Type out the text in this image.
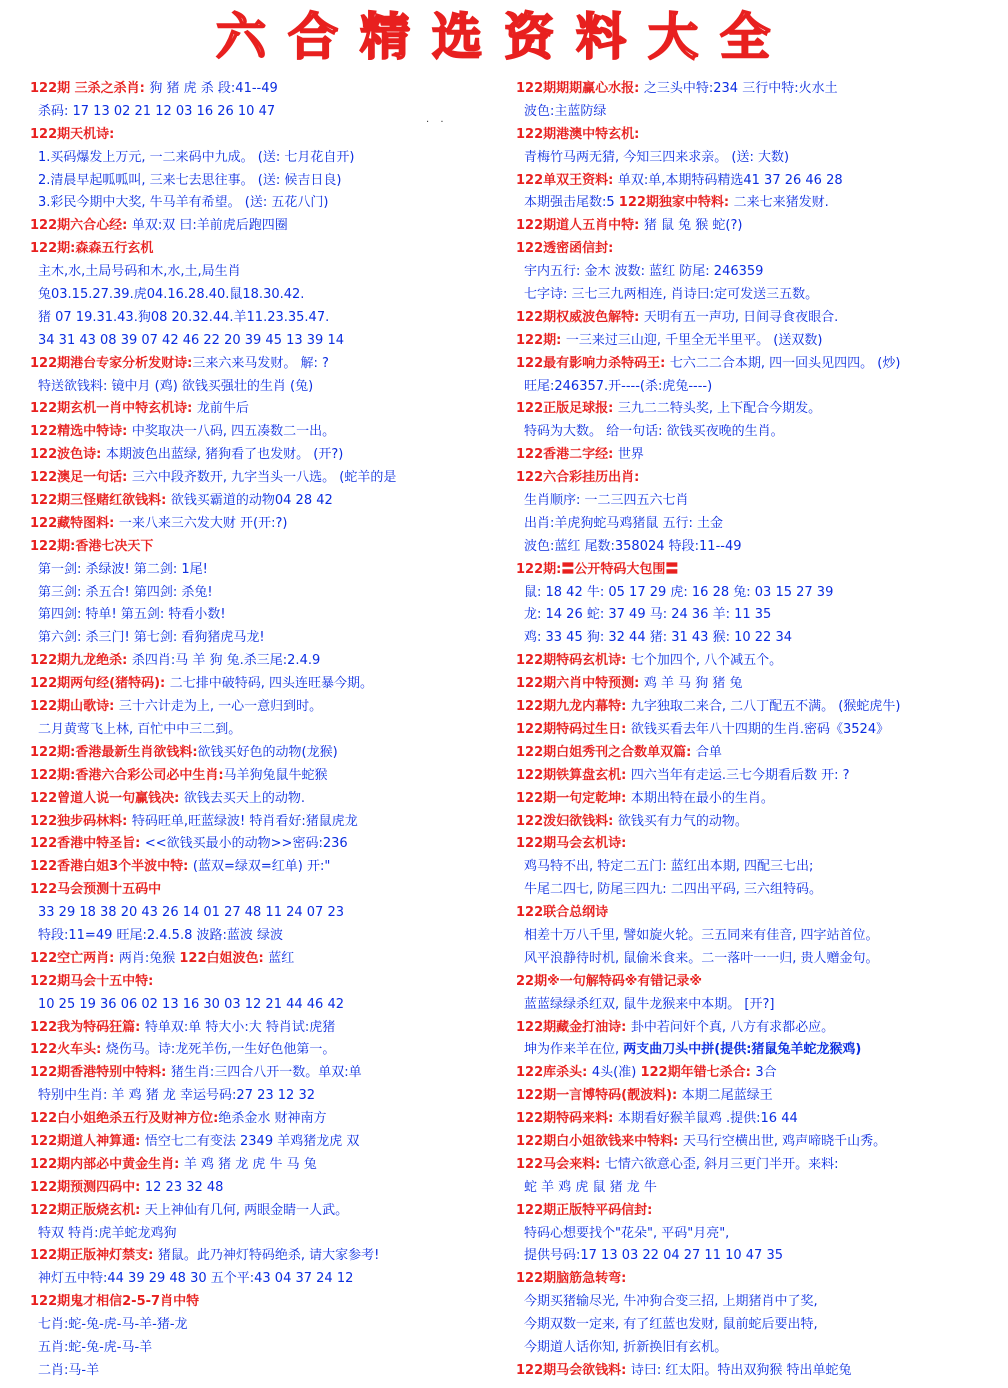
六合精选资料大全
. .
122期 三杀之杀肖: 狗 猪 虎 杀 段:41--49
杀码: 17 13 02 21 12 03 16 26 10 47
122期天机诗:
1.买码爆发上万元, 一二来码中九成。 (送: 七月花自开)
2.清晨早起呱呱叫, 三来七去思往事。 (送: 候吉日良)
3.彩民今期中大奖, 牛马羊有希望。 (送: 五花八门)
122期六合心经: 单双:双 曰:羊前虎后跑四圈
122期:森森五行玄机
主木,水,土局号码和木,水,土,局生肖
兔03.15.27.39.虎04.16.28.40.鼠18.30.42.
猪 07 19.31.43.狗08 20.32.44.羊11.23.35.47.
34 31 43 08 39 07 42 46 22 20 39 45 13 39 14
122期港台专家分析发财诗:三来六来马发财。 解: ?
特送欲钱料: 镜中月 (鸡) 欲钱买强壮的生肖 (兔)
122期玄机一肖中特玄机诗: 龙前牛后
122精选中特诗: 中奖取决一八码, 四五凑数二一出。
122波色诗: 本期波色出蓝绿, 猪狗看了也发财。 (开?)
122澳足一句话: 三六中段齐数开, 九字当头一八选。 (蛇羊的是
122期三怪赌红欲钱料: 欲钱买霸道的动物04 28 42
122藏特图料: 一来八来三六发大财 开(开:?)
122期:香港七决天下
第一剑: 杀绿波! 第二剑: 1尾!
第三剑: 杀五合! 第四剑: 杀兔!
第四剑: 特单! 第五剑: 特看小数!
第六剑: 杀三门! 第七剑: 看狗猪虎马龙!
122期九龙绝杀: 杀四肖:马 羊 狗 兔.杀三尾:2.4.9
122期两句经(猪特码): 二七排中破特码, 四头连旺暴今期。
122期山歌诗: 三十六计走为上, 一心一意归到时。
二月黄莺飞上林, 百忙中中三二到。
122期:香港最新生肖欲钱料:欲钱买好色的动物(龙猴)
122期:香港六合彩公司必中生肖:马羊狗兔鼠牛蛇猴
122曾道人说一句赢钱决: 欲钱去买天上的动物.
122独步码林料: 特码旺单,旺蓝绿波! 特肖看好:猪鼠虎龙
122香港中特圣旨: <<欲钱买最小的动物>>密码:236
122香港白姐3个半波中特: (蓝双=绿双=红单) 开:"
122马会预测十五码中
33 29 18 38 20 43 26 14 01 27 48 11 24 07 23
特段:11=49 旺尾:2.4.5.8 波路:蓝波 绿波
122空亡两肖: 两肖:兔猴 122白姐波色: 蓝红
122期马会十五中特:
10 25 19 36 06 02 13 16 30 03 12 21 44 46 42
122我为特码狂篇: 特单双:单 特大小:大 特肖试:虎猪
122火车头: 烧伤马。诗:龙死羊伤,一生好色他第一。
122期香港特别中特料: 猪生肖:三四合八开一数。单双:单
特别中生肖: 羊 鸡 猪 龙 幸运号码:27 23 12 32
122白小姐绝杀五行及财神方位:绝杀金水 财神南方
122期道人神算通: 悟空七二有变法 2349 羊鸡猪龙虎 双
122期内部必中黄金生肖: 羊 鸡 猪 龙 虎 牛 马 兔
122期预测四码中: 12 23 32 48
122期正版烧玄机: 天上神仙有几何, 两眼金睛一人武。
特双 特肖:虎羊蛇龙鸡狗
122期正版神灯禁支: 猪鼠。此乃神灯特码绝杀, 请大家参考!
神灯五中特:44 39 29 48 30 五个平:43 04 37 24 12
122期鬼才相信2-5-7肖中特
七肖:蛇-兔-虎-马-羊-猪-龙
五肖:蛇-兔-虎-马-羊
二肖:马-羊
122期期期赢心水报: 之三头中特:234 三行中特:火水土
波色:主蓝防绿
122期港澳中特玄机:
青梅竹马两无猜, 今知三四来求亲。 (送: 大数)
122单双王资料: 单双:单,本期特码精选41 37 26 46 28
本期强击尾数:5 122期独家中特料: 二来七来猪发财.
122期道人五肖中特: 猪 鼠 兔 猴 蛇(?)
122透密函信封:
宇内五行: 金木 波数: 蓝红 防尾: 246359
七字诗: 三七三九两相连, 肖诗曰:定可发送三五数。
122期权威波色解特: 天明有五一声功, 日间寻食夜眼合.
122期: 一三来过三山迎, 千里全无半里平。 (送双数)
122最有影响力杀特码王: 七六二二合本期, 四一回头见四四。 (炒)
旺尾:246357.开----(杀:虎兔----)
122正版足球报: 三九二二特头奖, 上下配合今期发。
特码为大数。 给一句话: 欲钱买夜晚的生肖。
122香港二字经: 世界
122六合彩挂历出肖:
生肖顺序: 一二三四五六七肖
出肖:羊虎狗蛇马鸡猪鼠 五行: 土金
波色:蓝红 尾数:358024 特段:11--49
122期:〓公开特码大包围〓
鼠: 18 42 牛: 05 17 29 虎: 16 28 兔: 03 15 27 39
龙: 14 26 蛇: 37 49 马: 24 36 羊: 11 35
鸡: 33 45 狗: 32 44 猪: 31 43 猴: 10 22 34
122期特码玄机诗: 七个加四个, 八个减五个。
122期六肖中特预测: 鸡 羊 马 狗 猪 兔
122期九龙内幕特: 九字独取二来合, 二八丁配五不满。 (猴蛇虎牛)
122期特码过生日: 欲钱买看去年八十四期的生肖.密码《3524》
122期白姐秀刊之合数单双篇: 合单
122期铁算盘玄机: 四六当年有走运.三七今期看后数 开: ?
122期一句定乾坤: 本期出特在最小的生肖。
122泼妇欲钱料: 欲钱买有力气的动物。
122期马会玄机诗:
鸡马特不出, 特定二五门: 蓝红出本期, 四配三七出;
牛尾二四七, 防尾三四九: 二四出平码, 三六组特码。
122联合总纲诗
相差十万八千里, 譬如旋火轮。三五同来有佳音, 四字站首位。
风平浪静待时机, 鼠偷米食来。二一落叶一一归, 贵人赠金句。
22期※一句解特码※有错记录※
蓝蓝绿绿杀红双, 鼠牛龙猴来中本期。 [开?]
122期藏金打油诗: 卦中若问奸个真, 八方有求都必应。
坤为作来羊在位, 两支曲刀头中拼(提供:猪鼠兔羊蛇龙猴鸡)
122库杀头: 4头(准) 122期年错七杀合: 3合
122期一言博特码(靓波料): 本期二尾蓝绿王
122期特码来料: 本期看好猴羊鼠鸡 .提供:16 44
122期白小姐欲钱来中特料: 天马行空横出世, 鸡声啼晓千山秀。
122马会来料: 七情六欲意心歪, 斜月三更门半开。来料:
蛇 羊 鸡 虎 鼠 猪 龙 牛
122期正版特平码信封:
特码心想要找个"花朵", 平码"月亮",
提供号码:17 13 03 22 04 27 11 10 47 35
122期脑筋急转弯:
今期买猪输尽光, 牛冲狗合变三招, 上期猪肖中了奖,
今期双数一定来, 有了红蓝也发财, 鼠前蛇后要出特,
今期道人话你知, 折新换旧有玄机。
122期马会欲钱料: 诗曰: 红太阳。特出双狗猴 特出单蛇兔
